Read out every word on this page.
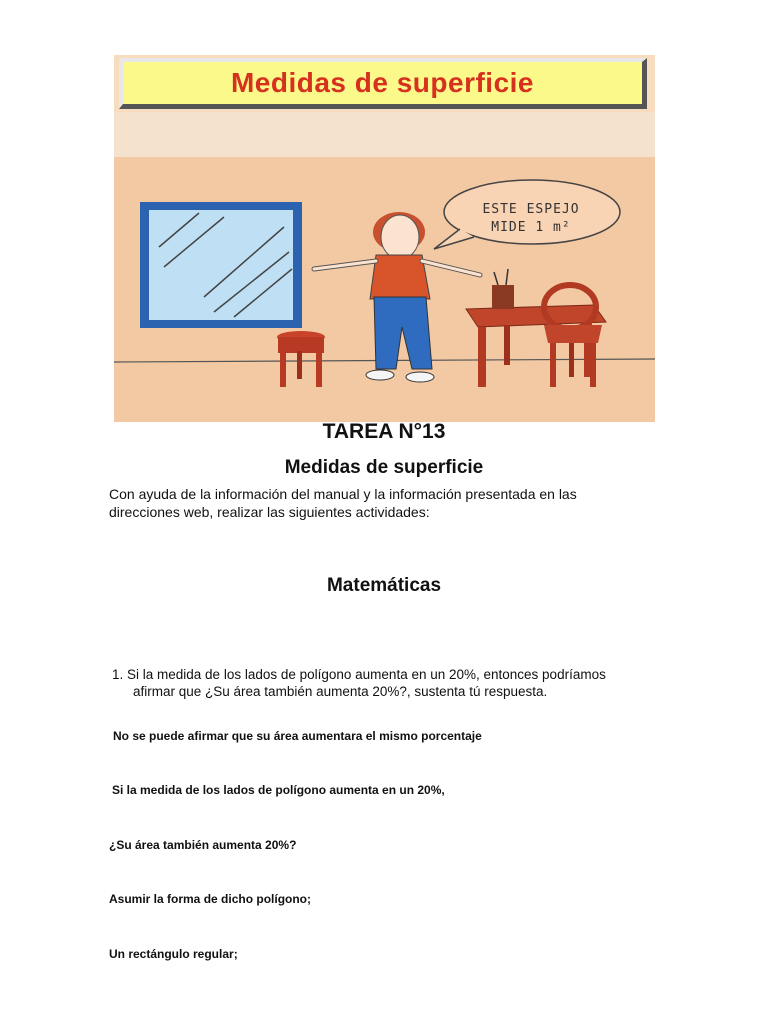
ESTE ESPEJO
MIDE 1 m²
Medidas de superficie
TAREA N°13
Medidas de superficie
Con ayuda de la información del manual y la información presentada en las direcciones web, realizar las siguientes actividades:
Matemáticas
1. Si la medida de los lados de polígono aumenta en un 20%, entonces podríamos
afirmar que ¿Su área también aumenta 20%?, sustenta tú respuesta.
No se puede afirmar que su área aumentara el mismo porcentaje
Si la medida de los lados de polígono aumenta en un 20%,
¿Su área también aumenta 20%?
Asumir la forma de dicho polígono;
Un rectángulo regular;
